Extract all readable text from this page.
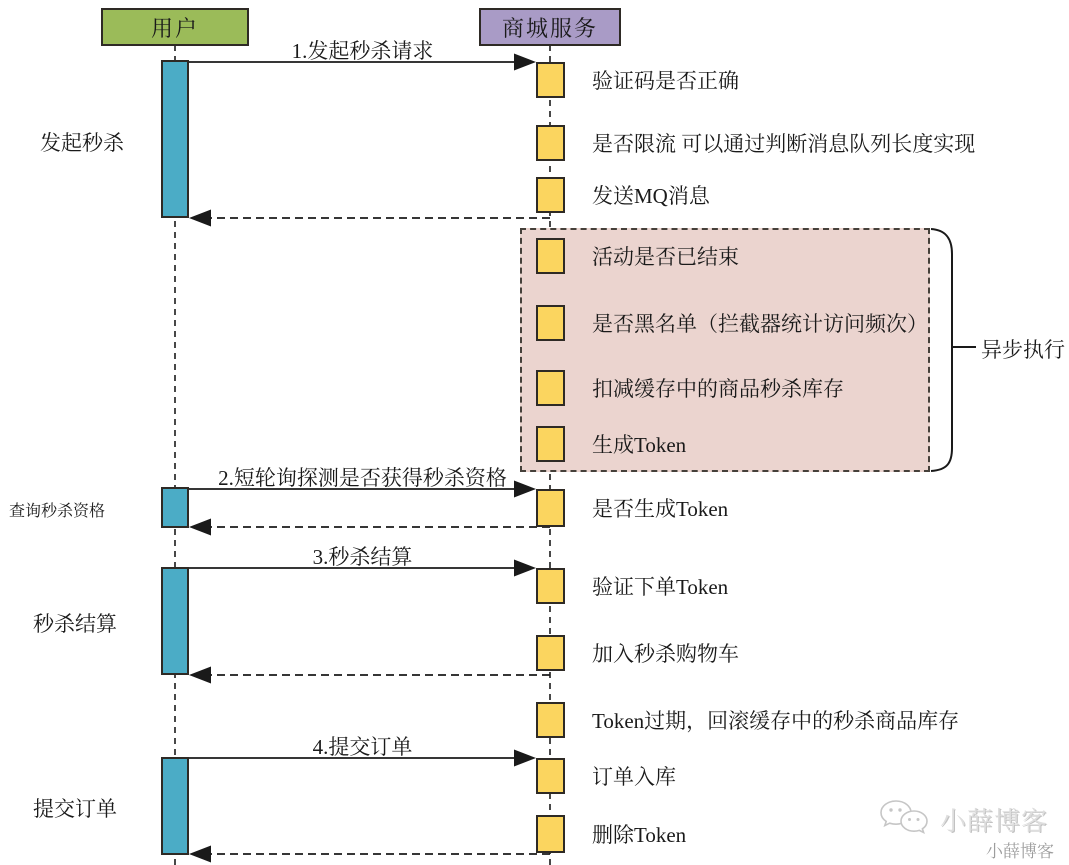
用户	商城服务
发起秒杀
查询秒杀资格
秒杀结算
提交订单
1.发起秒杀请求
2.短轮询探测是否获得秒杀资格
3.秒杀结算
4.提交订单
验证码是否正确
是否限流 可以通过判断消息队列长度实现
发送MQ消息
活动是否已结束
是否黑名单（拦截器统计访问频次）
扣减缓存中的商品秒杀库存
生成Token
是否生成Token
验证下单Token
加入秒杀购物车
Token过期，回滚缓存中的秒杀商品库存
订单入库
删除Token
异步执行
小薛博客
小薛博客
